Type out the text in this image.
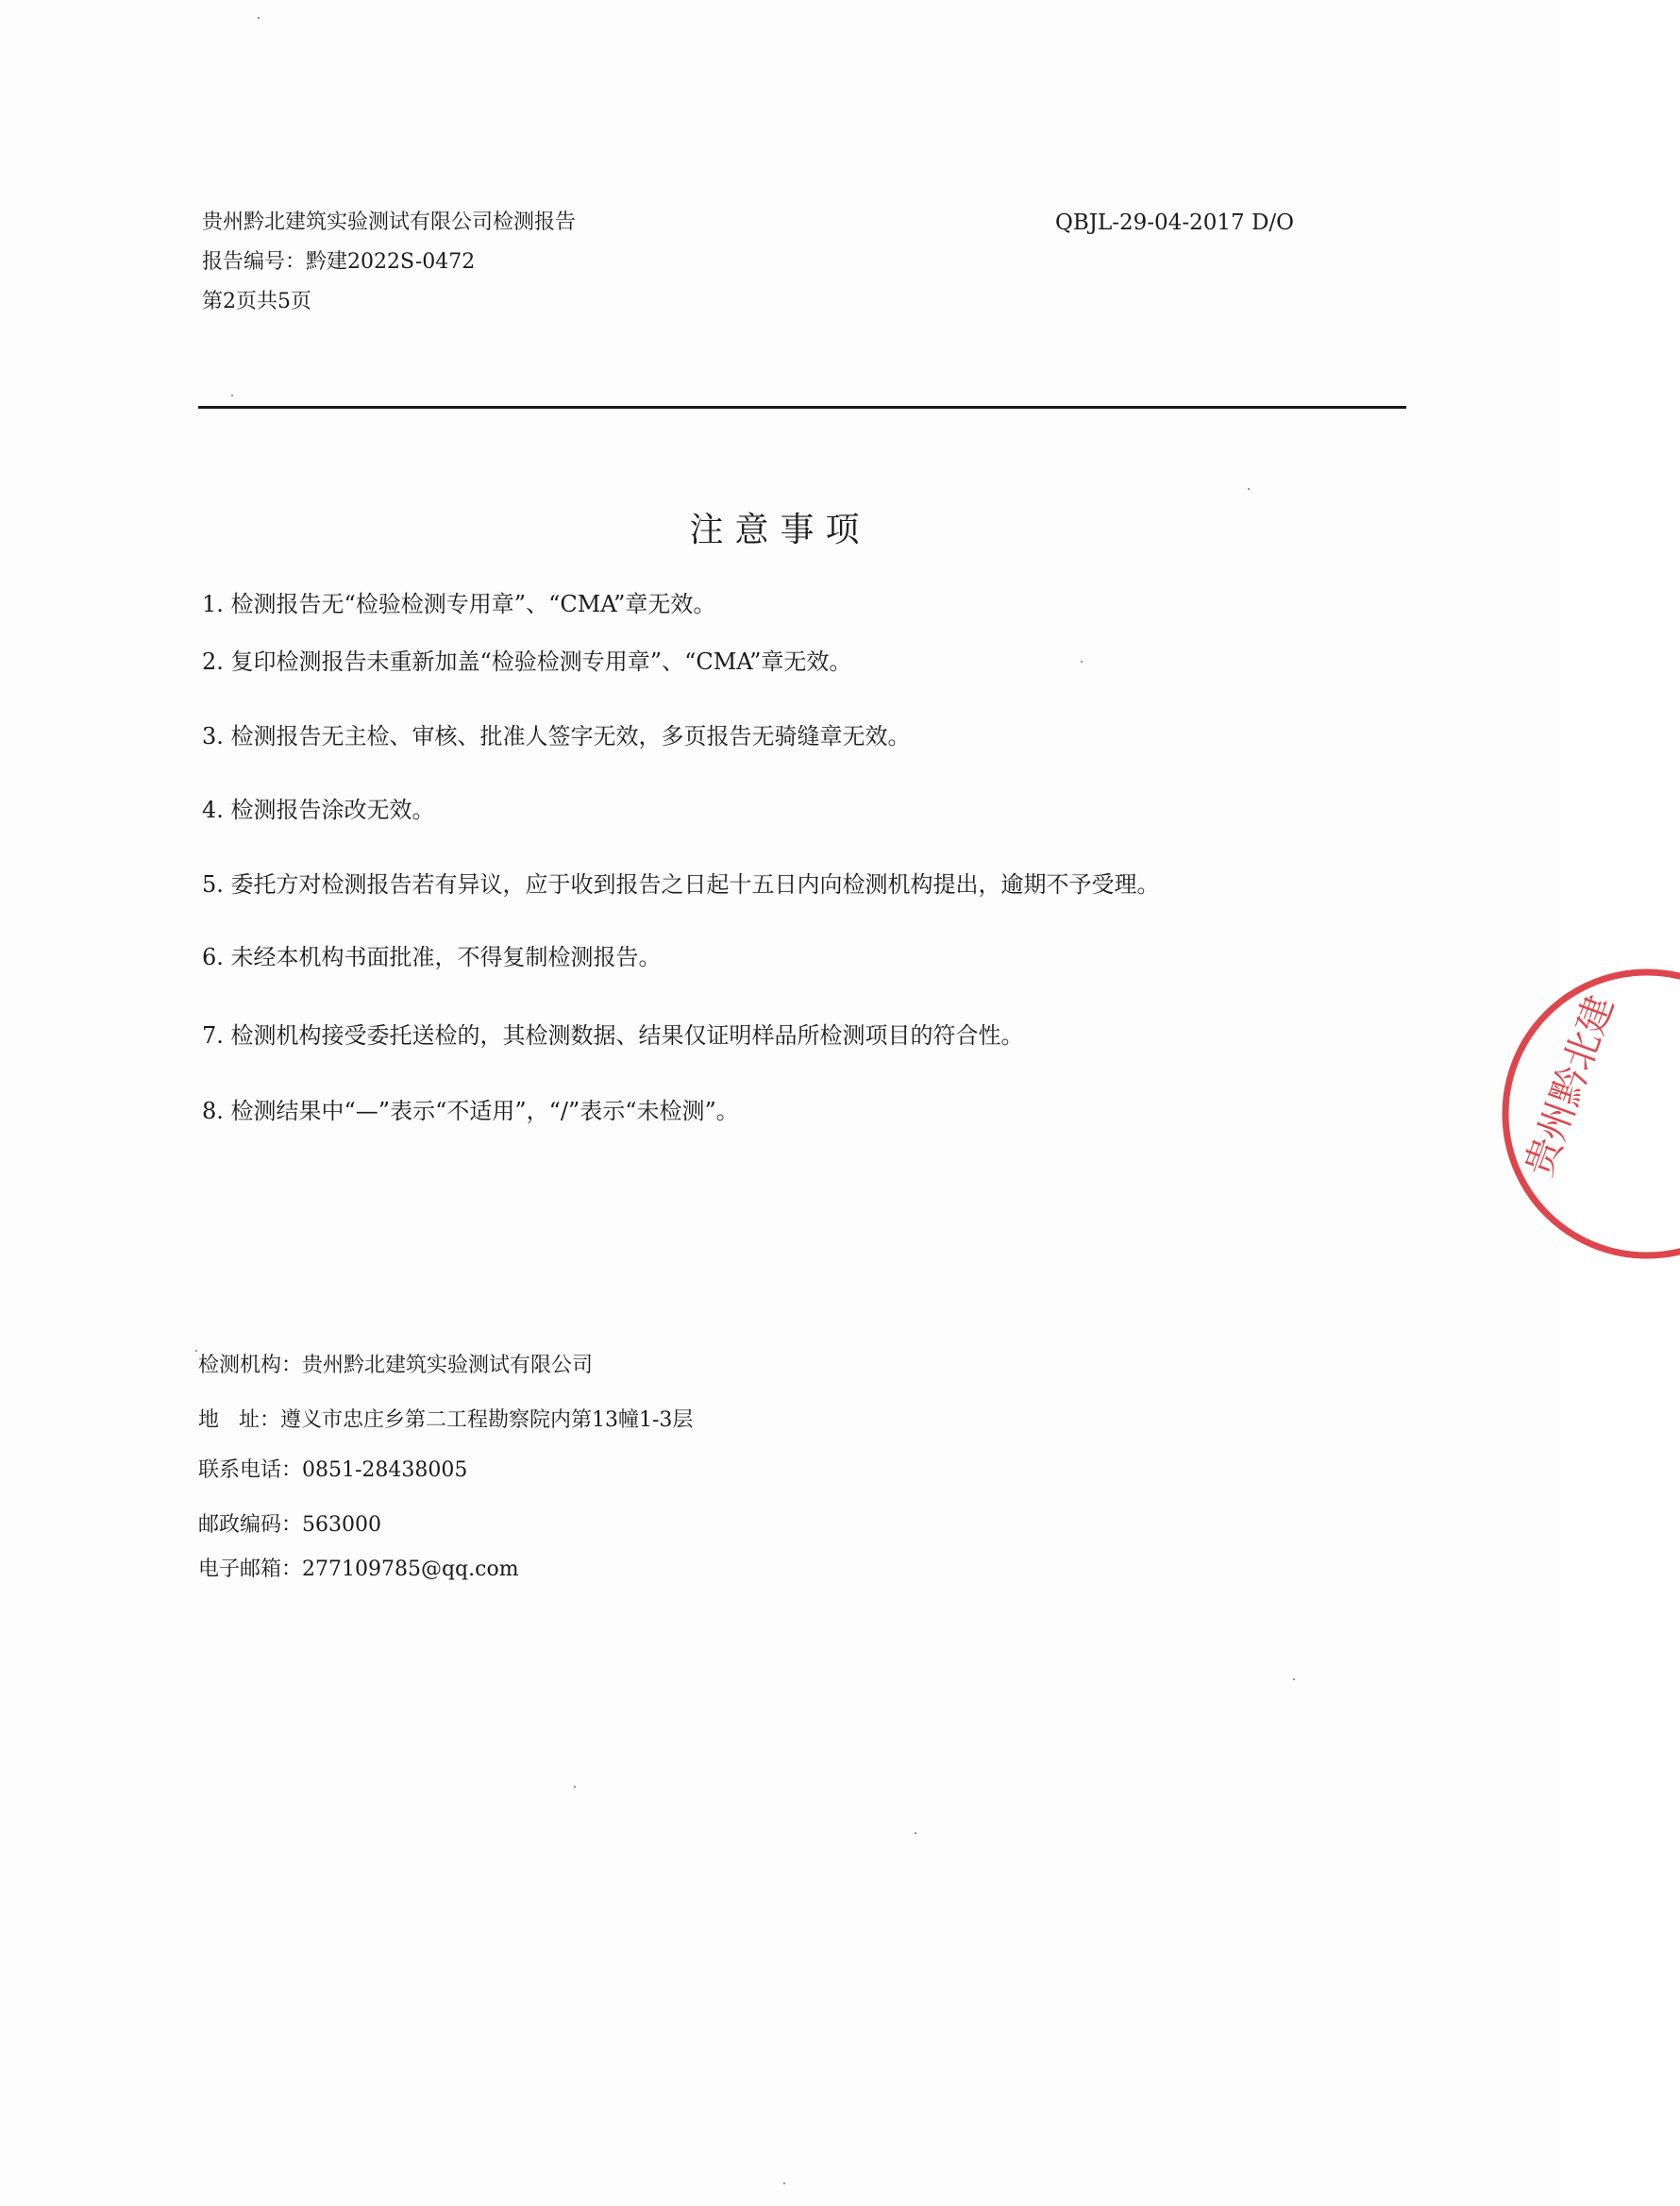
贵州黔北建筑实验测试有限公司检测报告
报告编号：黔建2022S-0472
第2页共5页
QBJL-29-04-2017 D/O
注意事项
1. 检测报告无“检验检测专用章”、“CMA”章无效。
2. 复印检测报告未重新加盖“检验检测专用章”、“CMA”章无效。
3. 检测报告无主检、审核、批准人签字无效，多页报告无骑缝章无效。
4. 检测报告涂改无效。
5. 委托方对检测报告若有异议，应于收到报告之日起十五日内向检测机构提出，逾期不予受理。
6. 未经本机构书面批准，不得复制检测报告。
7. 检测机构接受委托送检的，其检测数据、结果仅证明样品所检测项目的符合性。
8. 检测结果中“—”表示“不适用”，“/”表示“未检测”。
检测机构：贵州黔北建筑实验测试有限公司
地   址：遵义市忠庄乡第二工程勘察院内第13幢1-3层
联系电话：0851-28438005
邮政编码：563000
电子邮箱：277109785@qq.com
贵州黔北建
